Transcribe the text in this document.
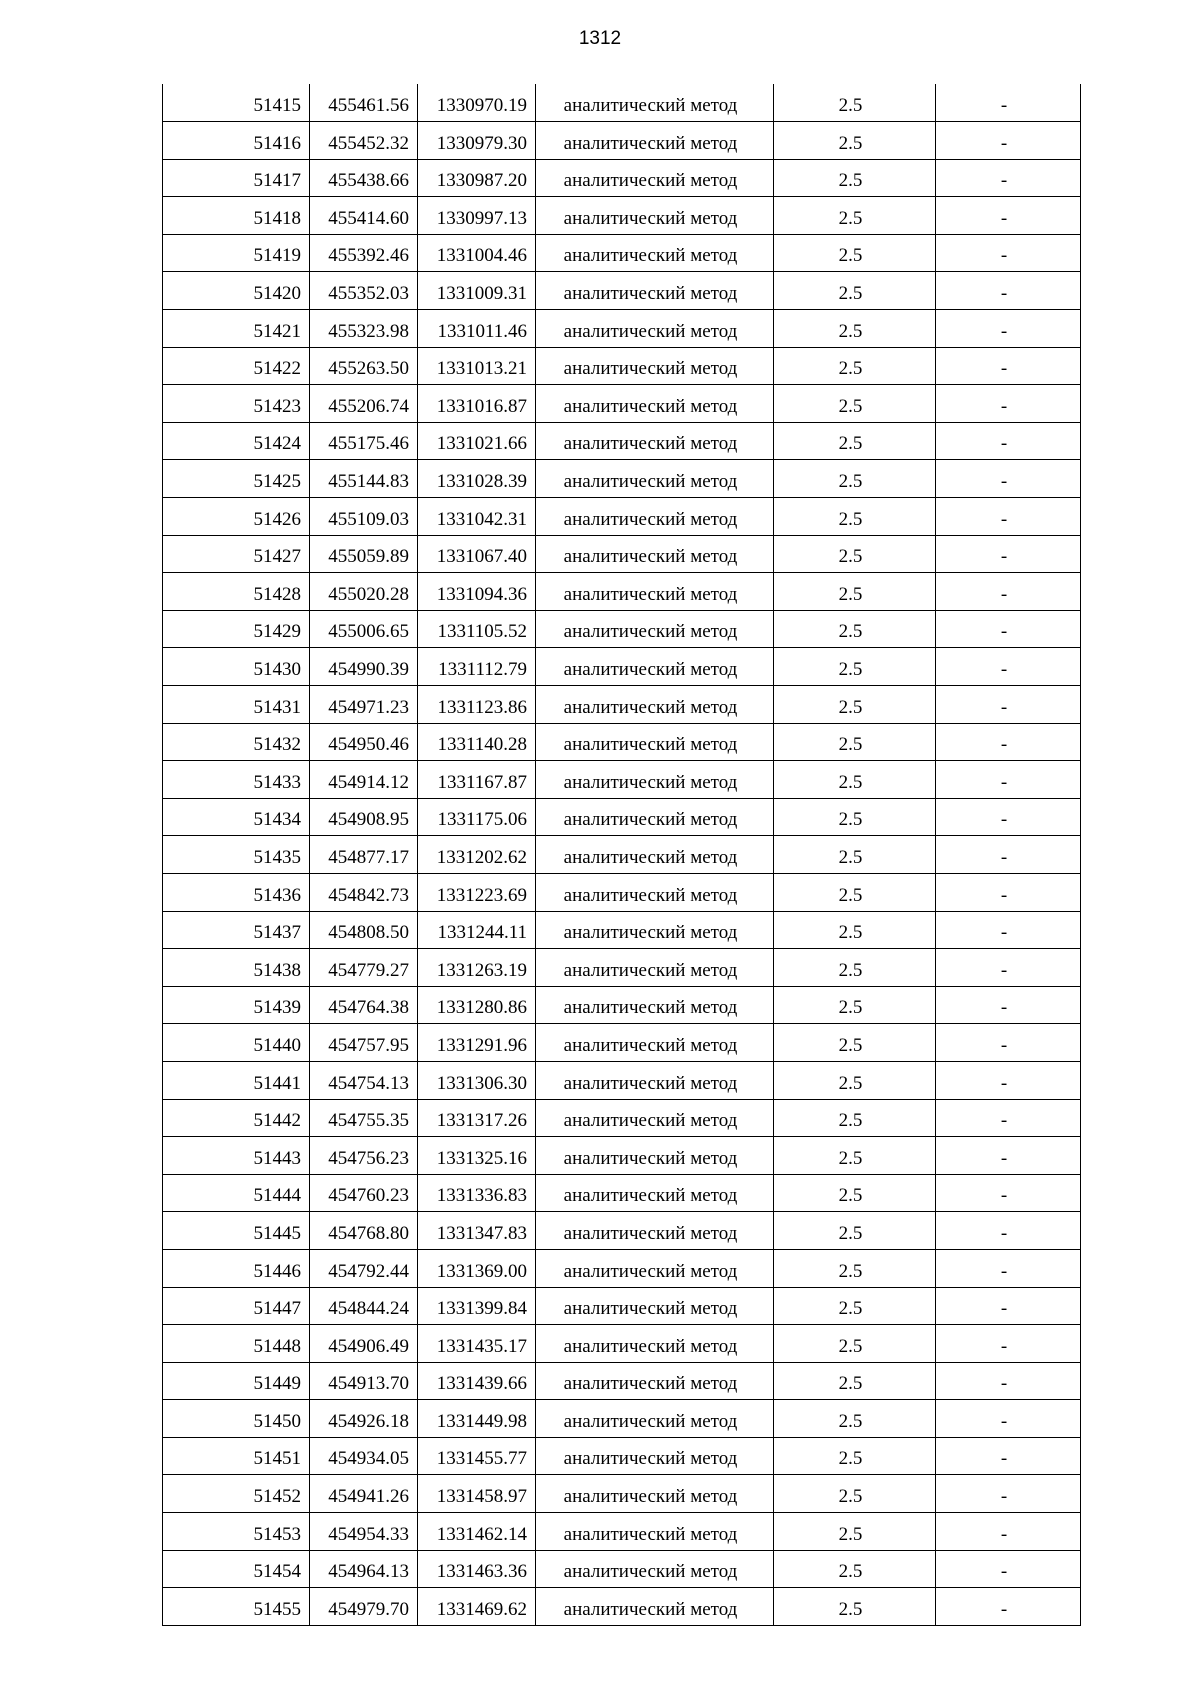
1312
51415	455461.56	1330970.19	аналитический метод	2.5	-
51416	455452.32	1330979.30	аналитический метод	2.5	-
51417	455438.66	1330987.20	аналитический метод	2.5	-
51418	455414.60	1330997.13	аналитический метод	2.5	-
51419	455392.46	1331004.46	аналитический метод	2.5	-
51420	455352.03	1331009.31	аналитический метод	2.5	-
51421	455323.98	1331011.46	аналитический метод	2.5	-
51422	455263.50	1331013.21	аналитический метод	2.5	-
51423	455206.74	1331016.87	аналитический метод	2.5	-
51424	455175.46	1331021.66	аналитический метод	2.5	-
51425	455144.83	1331028.39	аналитический метод	2.5	-
51426	455109.03	1331042.31	аналитический метод	2.5	-
51427	455059.89	1331067.40	аналитический метод	2.5	-
51428	455020.28	1331094.36	аналитический метод	2.5	-
51429	455006.65	1331105.52	аналитический метод	2.5	-
51430	454990.39	1331112.79	аналитический метод	2.5	-
51431	454971.23	1331123.86	аналитический метод	2.5	-
51432	454950.46	1331140.28	аналитический метод	2.5	-
51433	454914.12	1331167.87	аналитический метод	2.5	-
51434	454908.95	1331175.06	аналитический метод	2.5	-
51435	454877.17	1331202.62	аналитический метод	2.5	-
51436	454842.73	1331223.69	аналитический метод	2.5	-
51437	454808.50	1331244.11	аналитический метод	2.5	-
51438	454779.27	1331263.19	аналитический метод	2.5	-
51439	454764.38	1331280.86	аналитический метод	2.5	-
51440	454757.95	1331291.96	аналитический метод	2.5	-
51441	454754.13	1331306.30	аналитический метод	2.5	-
51442	454755.35	1331317.26	аналитический метод	2.5	-
51443	454756.23	1331325.16	аналитический метод	2.5	-
51444	454760.23	1331336.83	аналитический метод	2.5	-
51445	454768.80	1331347.83	аналитический метод	2.5	-
51446	454792.44	1331369.00	аналитический метод	2.5	-
51447	454844.24	1331399.84	аналитический метод	2.5	-
51448	454906.49	1331435.17	аналитический метод	2.5	-
51449	454913.70	1331439.66	аналитический метод	2.5	-
51450	454926.18	1331449.98	аналитический метод	2.5	-
51451	454934.05	1331455.77	аналитический метод	2.5	-
51452	454941.26	1331458.97	аналитический метод	2.5	-
51453	454954.33	1331462.14	аналитический метод	2.5	-
51454	454964.13	1331463.36	аналитический метод	2.5	-
51455	454979.70	1331469.62	аналитический метод	2.5	-
